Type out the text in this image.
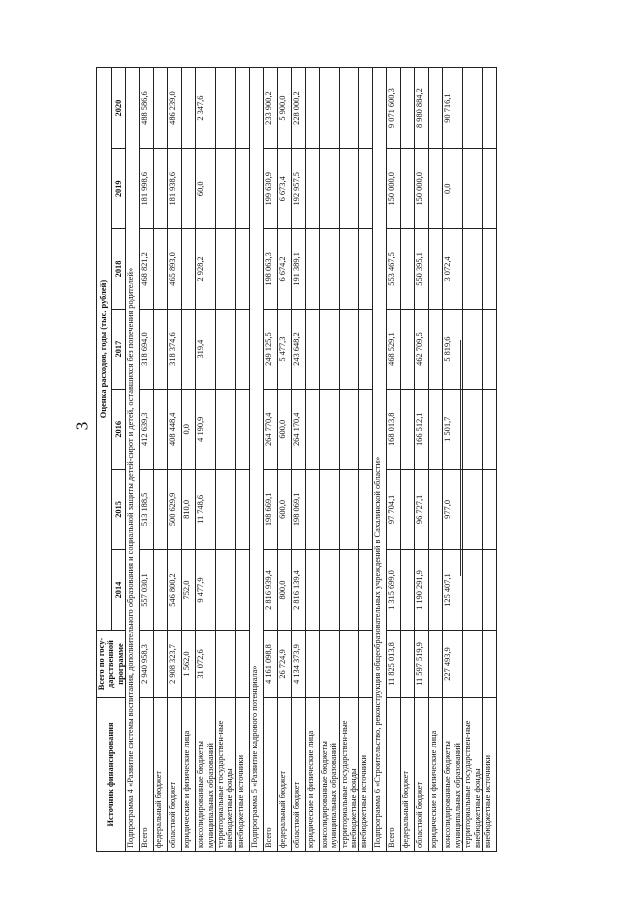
3
Источник финансирования	Всего по госу-дарственной программе	Оценка расходов, годы (тыс. рублей)						
		2014	2015	2016	2017	2018	2019	2020
Подпрограмма 4 «Развитие системы воспитания, дополнительного образования и социальной защиты детей-сирот и детей, оставшихся без попечения родителей»								
Всего	2 940 958,3	557 030,1	513 188,5	412 639,3	318 694,0	468 821,2	181 998,6	488 586,6
федеральный бюджет								
областной бюджет	2 908 323,7	546 800,2	500 629,9	408 448,4	318 374,6	465 893,0	181 938,6	486 239,0
юридические и физические лица	1 562,0	752,0	810,0	0,0				
консолидированные бюджеты муниципальных образований	31 072,6	9 477,9	11 748,6	4 190,9	319,4	2 928,2	60,0	2 347,6
территориальные государствен-ные внебюджетные фонды								
внебюджетные источники								
Подпрограмма 5 «Развитие кадрового потенциала»								
Всего	4 161 098,8	2 816 939,4	198 669,1	264 770,4	249 125,5	198 063,3	199 630,9	233 900,2
федеральный бюджет	26 724,9	800,0	600,0	600,0	5 477,3	6 674,2	6 673,4	5 900,0
областной бюджет	4 134 373,9	2 816 139,4	198 069,1	264 170,4	243 648,2	191 389,1	192 957,5	228 000,2
юридические и физические лица								
консолидированные бюджеты муниципальных образований								
территориальные государствен-ные внебюджетные фонды								
внебюджетные источники								
Подпрограмма 6 «Строительство, реконструкция общеобразовательных учреждений в Сахалинской области»								
Всего	11 825 013,8	1 315 699,0	97 704,1	168 013,8	468 529,1	553 467,5	150 000,0	9 071 600,3
федеральный бюджет								
областной бюджет	11 597 519,9	1 190 291,9	96 727,1	166 512,1	462 709,5	550 395,1	150 000,0	8 980 884,2
юридические и физические лица								
консолидированные бюджеты муниципальных образований	227 493,9	125 407,1	977,0	1 501,7	5 819,6	3 072,4	0,0	90 716,1
территориальные государствен-ные внебюджетные фонды								
внебюджетные источники								
